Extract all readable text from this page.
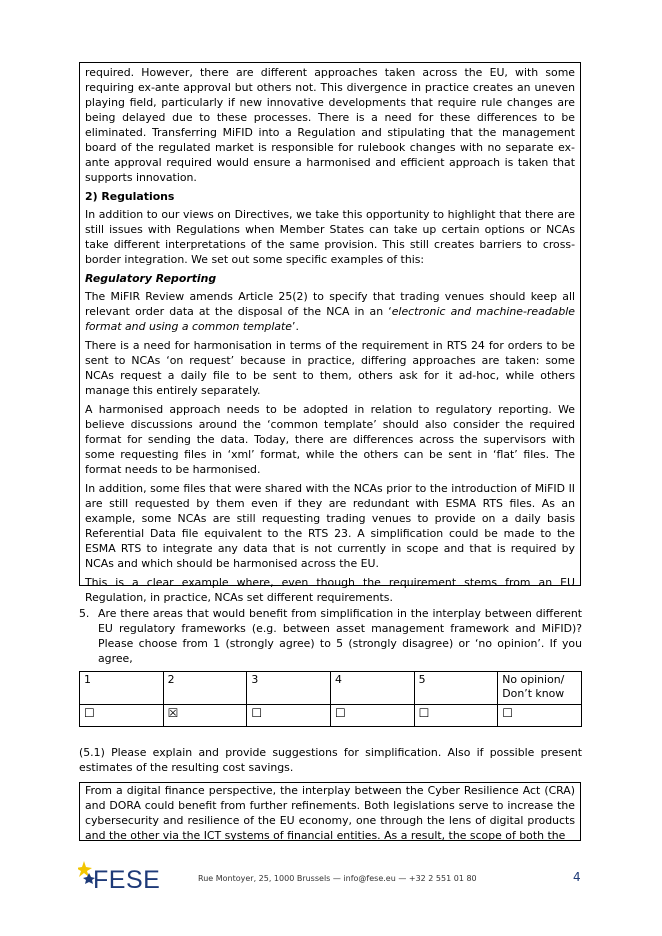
required. However, there are different approaches taken across the EU, with some requiring ex-ante approval but others not. This divergence in practice creates an uneven playing field, particularly if new innovative developments that require rule changes are being delayed due to these processes. There is a need for these differences to be eliminated. Transferring MiFID into a Regulation and stipulating that the management board of the regulated market is responsible for rulebook changes with no separate ex-ante approval required would ensure a harmonised and efficient approach is taken that supports innovation.

2) Regulations

In addition to our views on Directives, we take this opportunity to highlight that there are still issues with Regulations when Member States can take up certain options or NCAs take different interpretations of the same provision. This still creates barriers to cross-border integration. We set out some specific examples of this:

Regulatory Reporting

The MiFIR Review amends Article 25(2) to specify that trading venues should keep all relevant order data at the disposal of the NCA in an ‘electronic and machine-readable format and using a common template’.

There is a need for harmonisation in terms of the requirement in RTS 24 for orders to be sent to NCAs ‘on request’ because in practice, differing approaches are taken: some NCAs request a daily file to be sent to them, others ask for it ad-hoc, while others manage this entirely separately.

A harmonised approach needs to be adopted in relation to regulatory reporting. We believe discussions around the ‘common template’ should also consider the required format for sending the data. Today, there are differences across the supervisors with some requesting files in ‘xml’ format, while the others can be sent in ‘flat’ files. The format needs to be harmonised.

In addition, some files that were shared with the NCAs prior to the introduction of MiFID II are still requested by them even if they are redundant with ESMA RTS files. As an example, some NCAs are still requesting trading venues to provide on a daily basis Referential Data file equivalent to the RTS 23. A simplification could be made to the ESMA RTS to integrate any data that is not currently in scope and that is required by NCAs and which should be harmonised across the EU.

This is a clear example where, even though the requirement stems from an EU Regulation, in practice, NCAs set different requirements.

5. Are there areas that would benefit from simplification in the interplay between different EU regulatory frameworks (e.g. between asset management framework and MiFID)? Please choose from 1 (strongly agree) to 5 (strongly disagree) or ‘no opinion’. If you agree,
1	2	3	4	5	No opinion/ Don’t know
☐	☒	☐	☐	☐	☐
(5.1) Please explain and provide suggestions for simplification. Also if possible present estimates of the resulting cost savings.

From a digital finance perspective, the interplay between the Cyber Resilience Act (CRA) and DORA could benefit from further refinements. Both legislations serve to increase the cybersecurity and resilience of the EU economy, one through the lens of digital products and the other via the ICT systems of financial entities. As a result, the scope of both the

FESE	Rue Montoyer, 25, 1000 Brussels — info@fese.eu — +32 2 551 01 80	4
